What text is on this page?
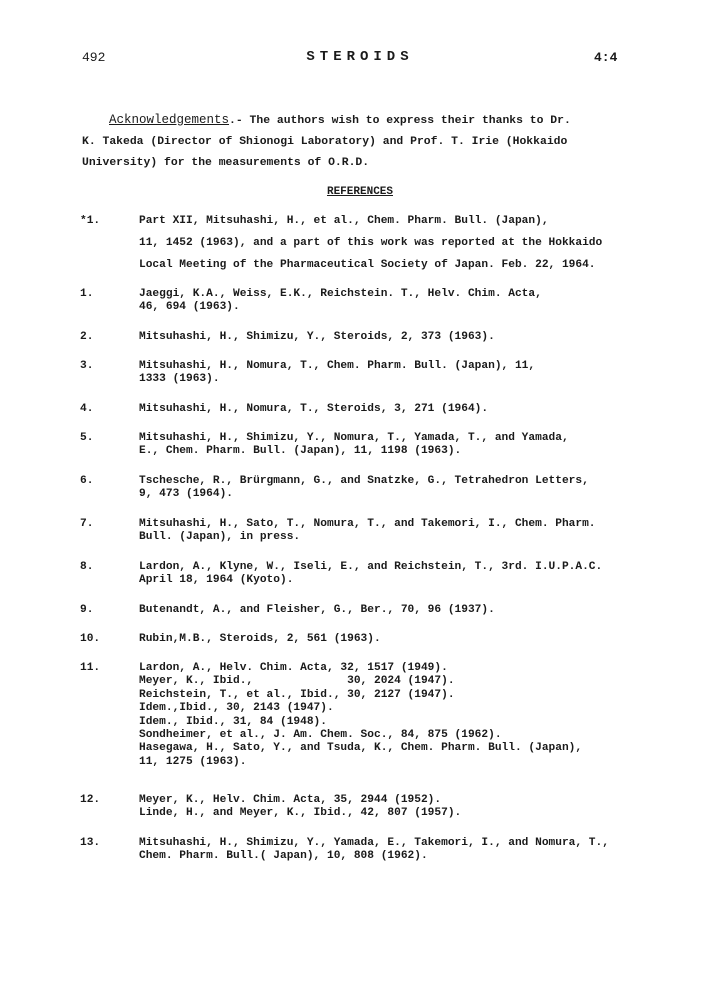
492	STEROIDS	4:4
Acknowledgements.- The authors wish to express their thanks to Dr.
K. Takeda (Director of Shionogi Laboratory) and Prof. T. Irie (Hokkaido
University) for the measurements of O.R.D.
REFERENCES
*1.	Part XII, Mitsuhashi, H., et al., Chem. Pharm. Bull. (Japan),
11, 1452 (1963), and a part of this work was reported at the Hokkaido
Local Meeting of the Pharmaceutical Society of Japan. Feb. 22, 1964.
1.	Jaeggi, K.A., Weiss, E.K., Reichstein. T., Helv. Chim. Acta,
46, 694 (1963).
2.	Mitsuhashi, H., Shimizu, Y., Steroids, 2, 373 (1963).
3.	Mitsuhashi, H., Nomura, T., Chem. Pharm. Bull. (Japan), 11,
1333 (1963).
4.	Mitsuhashi, H., Nomura, T., Steroids, 3, 271 (1964).
5.	Mitsuhashi, H., Shimizu, Y., Nomura, T., Yamada, T., and Yamada,
E., Chem. Pharm. Bull. (Japan), 11, 1198 (1963).
6.	Tschesche, R., Brürgmann, G., and Snatzke, G., Tetrahedron Letters,
9, 473 (1964).
7.	Mitsuhashi, H., Sato, T., Nomura, T., and Takemori, I., Chem. Pharm.
Bull. (Japan), in press.
8.	Lardon, A., Klyne, W., Iseli, E., and Reichstein, T., 3rd. I.U.P.A.C.
April 18, 1964 (Kyoto).
9.	Butenandt, A., and Fleisher, G., Ber., 70, 96 (1937).
10.	Rubin,M.B., Steroids, 2, 561 (1963).
11.	Lardon, A., Helv. Chim. Acta, 32, 1517 (1949).
Meyer, K., Ibid.,              30, 2024 (1947).
Reichstein, T., et al., Ibid., 30, 2127 (1947).
Idem.,Ibid., 30, 2143 (1947).
Idem., Ibid., 31, 84 (1948).
Sondheimer, et al., J. Am. Chem. Soc., 84, 875 (1962).
Hasegawa, H., Sato, Y., and Tsuda, K., Chem. Pharm. Bull. (Japan),
11, 1275 (1963).
12.	Meyer, K., Helv. Chim. Acta, 35, 2944 (1952).
Linde, H., and Meyer, K., Ibid., 42, 807 (1957).
13.	Mitsuhashi, H., Shimizu, Y., Yamada, E., Takemori, I., and Nomura, T.,
Chem. Pharm. Bull.( Japan), 10, 808 (1962).
